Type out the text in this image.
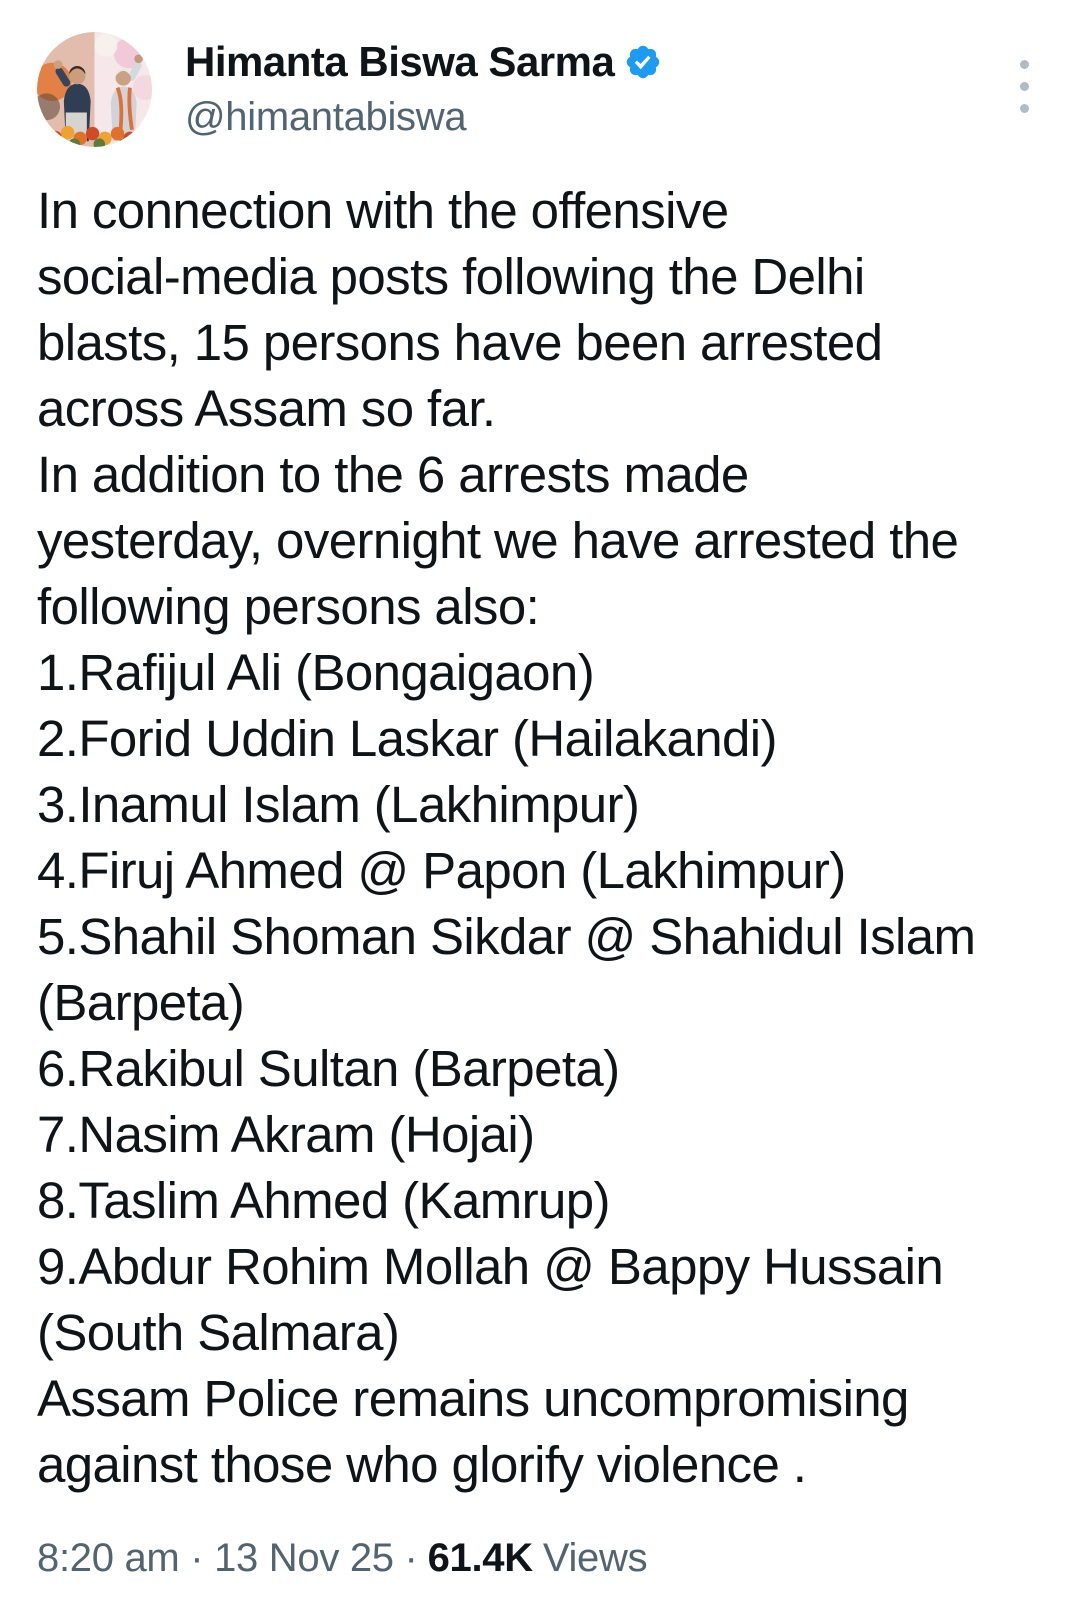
Himanta Biswa Sarma
@himantabiswa
In connection with the offensive
social-media posts following the Delhi
blasts, 15 persons have been arrested
across Assam so far.
In addition to the 6 arrests made
yesterday, overnight we have arrested the
following persons also:
1.Rafijul Ali (Bongaigaon)
2.Forid Uddin Laskar (Hailakandi)
3.Inamul Islam (Lakhimpur)
4.Firuj Ahmed @ Papon (Lakhimpur)
5.Shahil Shoman Sikdar @ Shahidul Islam
(Barpeta)
6.Rakibul Sultan (Barpeta)
7.Nasim Akram (Hojai)
8.Taslim Ahmed (Kamrup)
9.Abdur Rohim Mollah @ Bappy Hussain
(South Salmara)
Assam Police remains uncompromising
against those who glorify violence .
8:20 am · 13 Nov 25 · 61.4K Views
